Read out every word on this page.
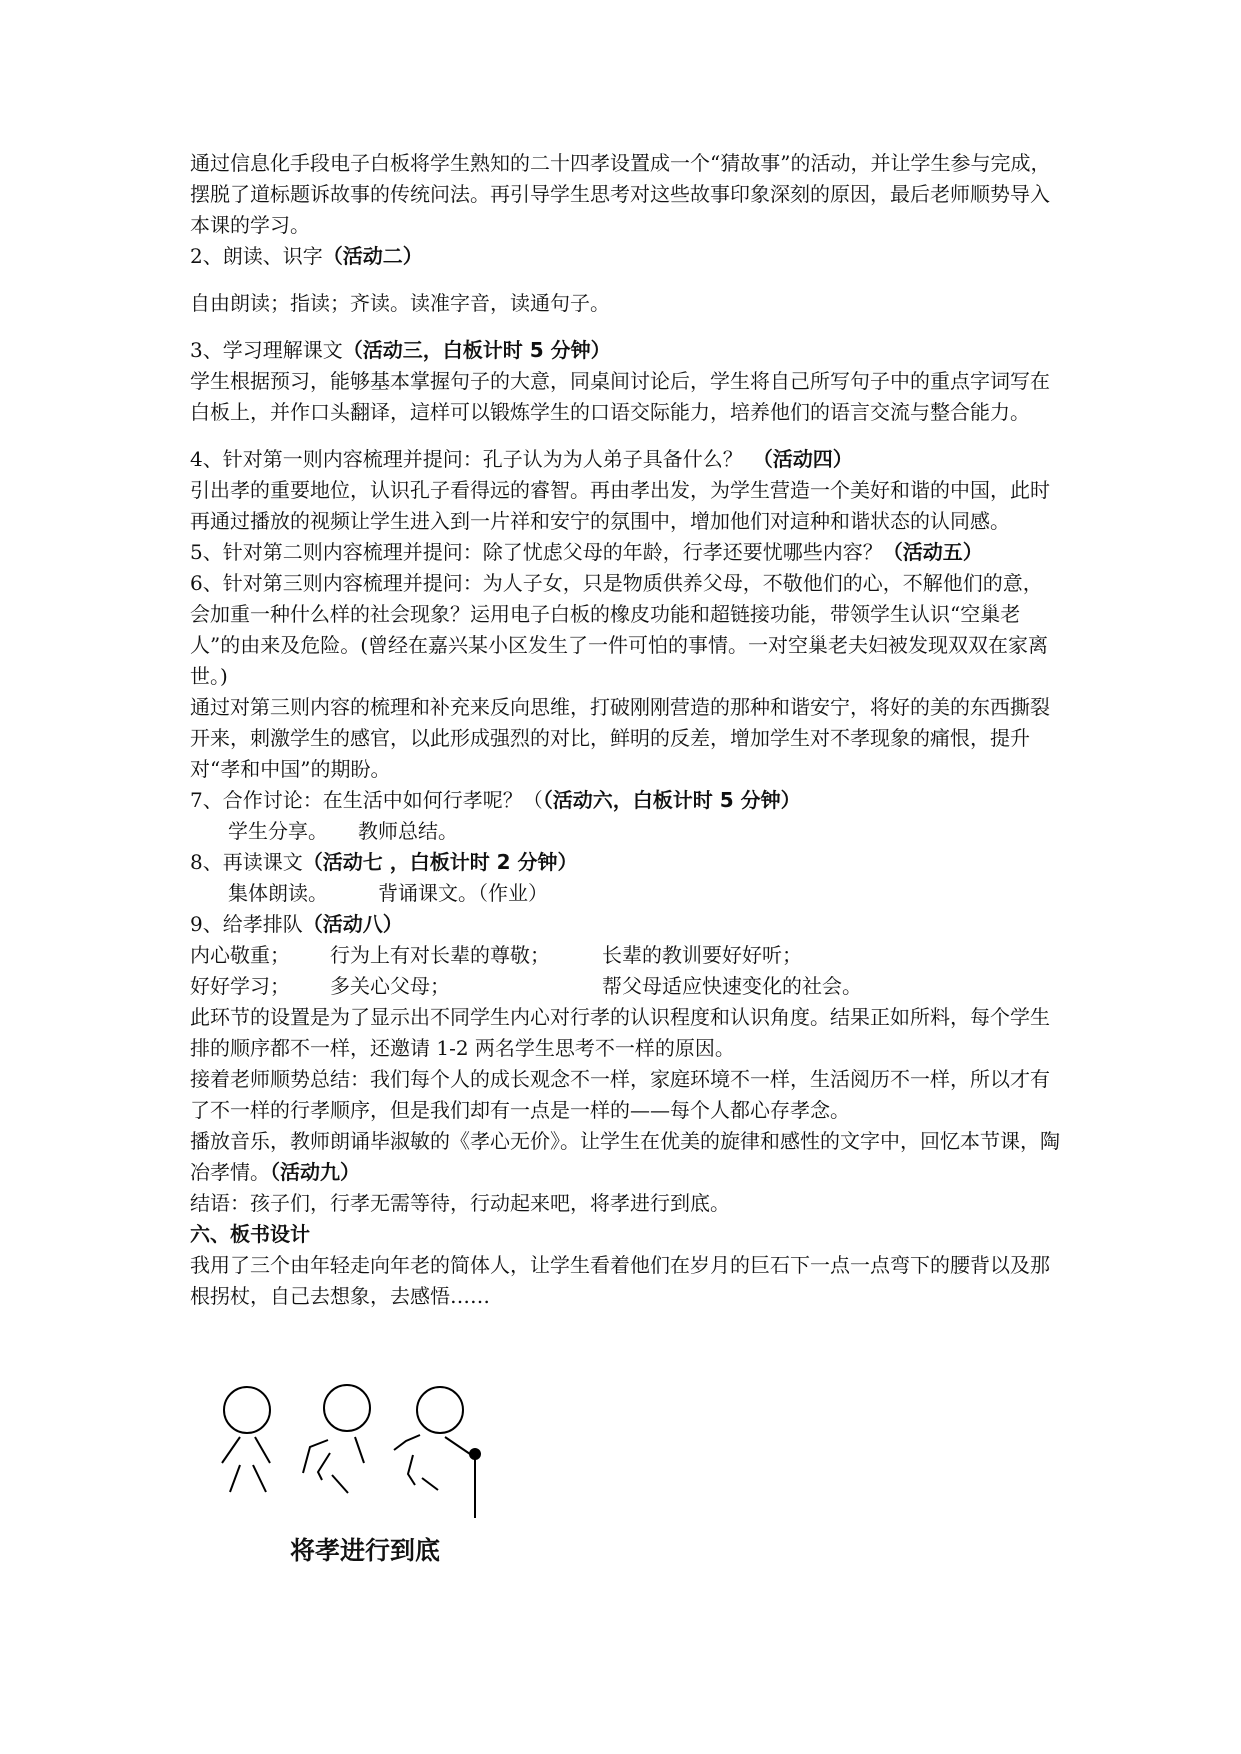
通过信息化手段电子白板将学生熟知的二十四孝设置成一个“猜故事”的活动，并让学生参与完成，摆脱了道标题诉故事的传统问法。再引导学生思考对这些故事印象深刻的原因，最后老师顺势导入本课的学习。

2、朗读、识字（活动二）

自由朗读；指读；齐读。读准字音，读通句子。

3、学习理解课文（活动三，白板计时 5 分钟）

学生根据预习，能够基本掌握句子的大意，同桌间讨论后，学生将自己所写句子中的重点字词写在白板上，并作口头翻译，這样可以锻炼学生的口语交际能力，培养他们的语言交流与整合能力。

4、针对第一则内容梳理并提问：孔子认为为人弟子具备什么？　（活动四）

引出孝的重要地位，认识孔子看得远的睿智。再由孝出发，为学生营造一个美好和谐的中国，此时再通过播放的视频让学生进入到一片祥和安宁的氛围中，增加他们对這种和谐状态的认同感。

5、针对第二则内容梳理并提问：除了忧虑父母的年龄，行孝还要忧哪些内容？（活动五）

6、针对第三则内容梳理并提问：为人子女，只是物质供养父母，不敬他们的心，不解他们的意，会加重一种什么样的社会现象？运用电子白板的橡皮功能和超链接功能，带领学生认识“空巢老人”的由来及危险。(曾经在嘉兴某小区发生了一件可怕的事情。一对空巢老夫妇被发现双双在家离世。)

通过对第三则内容的梳理和补充来反向思维，打破刚刚营造的那种和谐安宁，将好的美的东西撕裂开来，刺激学生的感官，以此形成强烈的对比，鲜明的反差，增加学生对不孝现象的痛恨，提升对“孝和中国”的期盼。

7、合作讨论：在生活中如何行孝呢？（（活动六，白板计时 5 分钟）

学生分享。　　教师总结。

8、再读课文（活动七 ，白板计时 2 分钟）

集体朗读。　　　背诵课文。（作业）

9、给孝排队（活动八）

内心敬重；	行为上有对长辈的尊敬；	长辈的教训要好好听；
好好学习；	多关心父母；	帮父母适应快速变化的社会。

此环节的设置是为了显示出不同学生内心对行孝的认识程度和认识角度。结果正如所料，每个学生排的顺序都不一样，还邀请 1-2 两名学生思考不一样的原因。

接着老师顺势总结：我们每个人的成长观念不一样，家庭环境不一样，生活阅历不一样，所以才有了不一样的行孝顺序，但是我们却有一点是一样的——每个人都心存孝念。

播放音乐，教师朗诵毕淑敏的《孝心无价》。让学生在优美的旋律和感性的文字中，回忆本节课，陶冶孝情。（活动九）

结语：孩子们，行孝无需等待，行动起来吧，将孝进行到底。

六、板书设计

我用了三个由年轻走向年老的简体人，让学生看着他们在岁月的巨石下一点一点弯下的腰背以及那根拐杖，自己去想象，去感悟……

将孝进行到底
